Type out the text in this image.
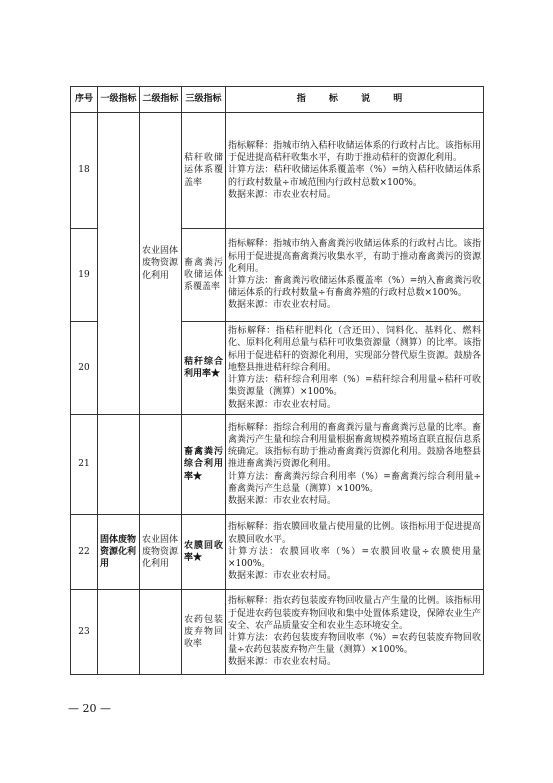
序号	一级指标	二级指标	三级指标	指 标 说 明
18		农业固体废物资源化利用	秸秆收储运体系覆盖率	指标解释：指城市纳入秸秆收储运体系的行政村占比。该指标用于促进提高秸秆收集水平，有助于推动秸秆的资源化利用。

计算方法：秸秆收储运体系覆盖率（%）=纳入秸秆收储运体系的行政村数量÷市域范围内行政村总数×100%。

数据来源：市农业农村局。

19			畜禽粪污收储运体系覆盖率	指标解释：指城市纳入畜禽粪污收储运体系的行政村占比。该指标用于促进提高畜禽粪污收集水平，有助于推动畜禽粪污的资源化利用。

计算方法：畜禽粪污收储运体系覆盖率（%）=纳入畜禽粪污收储运体系的行政村数量÷有畜禽养殖的行政村总数×100%。

数据来源：市农业农村局。

20			秸秆综合利用率★	指标解释：指秸秆肥料化（含还田）、饲料化、基料化、燃料化、原料化利用总量与秸秆可收集资源量（测算）的比率。该指标用于促进秸秆的资源化利用，实现部分替代原生资源。鼓励各地整县推进秸秆综合利用。

计算方法：秸秆综合利用率（%）=秸秆综合利用量÷秸秆可收集资源量（测算）×100%。

数据来源：市农业农村局。

21			畜禽粪污综合利用率★	指标解释：指综合利用的畜禽粪污量与畜禽粪污总量的比率。畜禽粪污产生量和综合利用量根据畜禽规模养殖场直联直报信息系统确定。该指标有助于推动畜禽粪污资源化利用。鼓励各地整县推进畜禽粪污资源化利用。

计算方法：畜禽粪污综合利用率（%）=畜禽粪污综合利用量÷畜禽粪污产生总量（测算）×100%。

数据来源：市农业农村局。

22	固体废物资源化利用	农业固体废物资源化利用	农膜回收率★	指标解释：指农膜回收量占使用量的比例。该指标用于促进提高农膜回收水平。

计算方法：农膜回收率（%）=农膜回收量÷农膜使用量×100%。

数据来源：市农业农村局。

23			农药包装废弃物回收率	指标解释：指农药包装废弃物回收量占产生量的比例。该指标用于促进农药包装废弃物回收和集中处置体系建设，保障农业生产安全、农产品质量安全和农业生态环境安全。

计算方法：农药包装废弃物回收率（%）=农药包装废弃物回收量÷农药包装废弃物产生量（测算）×100%。

数据来源：市农业农村局。

— 20 —
